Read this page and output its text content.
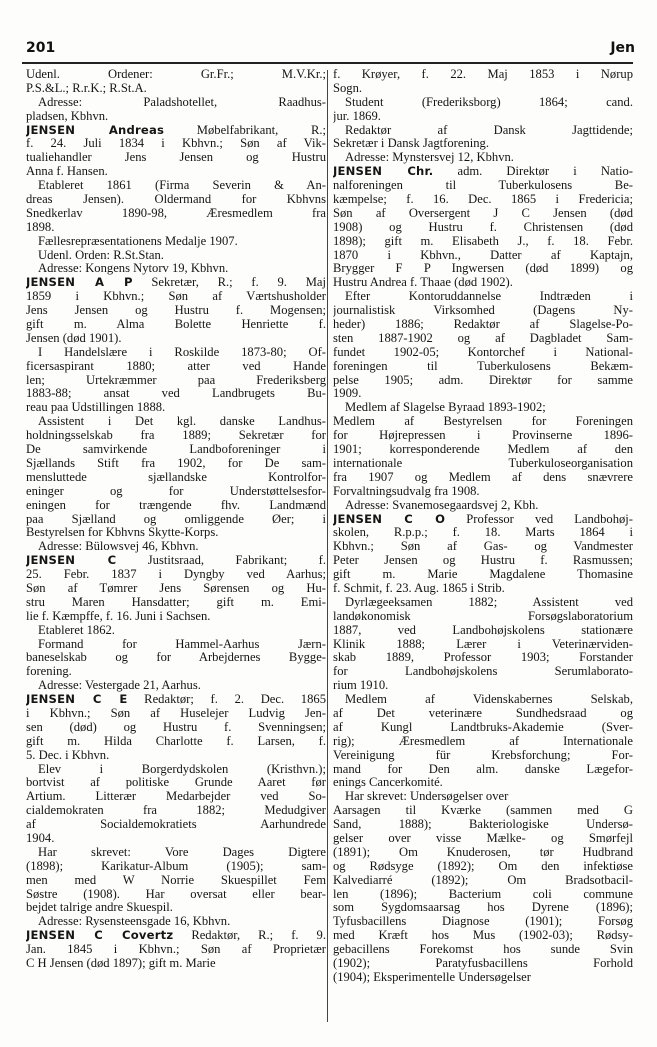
201	Jen
Udenl. Ordener: Gr.Fr.; M.V.Kr.;
P.S.&L.; R.r.K.; R.St.A.
Adresse: Paladshotellet, Raadhus-
pladsen, Kbhvn.
JENSEN Andreas Møbelfabrikant, R.;
f. 24. Juli 1834 i Kbhvn.; Søn af Vik-
tualiehandler Jens Jensen og Hustru
Anna f. Hansen.
Etableret 1861 (Firma Severin & An-
dreas Jensen). Oldermand for Kbhvns
Snedkerlav 1890-98, Æresmedlem fra
1898.
Fællesrepræsentationens Medalje 1907.
Udenl. Orden: R.St.Stan.
Adresse: Kongens Nytorv 19, Kbhvn.
JENSEN A P Sekretær, R.; f. 9. Maj
1859 i Kbhvn.; Søn af Værtshusholder
Jens Jensen og Hustru f. Mogensen;
gift m. Alma Bolette Henriette f.
Jensen (død 1901).
I Handelslære i Roskilde 1873-80; Of-
ficersaspirant 1880; atter ved Hande
len; Urtekræmmer paa Frederiksberg
1883-88; ansat ved Landbrugets Bu-
reau paa Udstillingen 1888.
Assistent i Det kgl. danske Landhus-
holdningsselskab fra 1889; Sekretær for
De samvirkende Landboforeninger i
Sjællands Stift fra 1902, for De sam-
mensluttede sjællandske Kontrolfor-
eninger og for Understøttelsesfor-
eningen for trængende fhv. Landmænd
paa Sjælland og omliggende Øer; i
Bestyrelsen for Kbhvns Skytte-Korps.
Adresse: Bülowsvej 46, Kbhvn.
JENSEN C Justitsraad, Fabrikant; f.
25. Febr. 1837 i Dyngby ved Aarhus;
Søn af Tømrer Jens Sørensen og Hu-
stru Maren Hansdatter; gift m. Emi-
lie f. Kæmpffe, f. 16. Juni i Sachsen.
Etableret 1862.
Formand for Hammel-Aarhus Jærn-
baneselskab og for Arbejdernes Bygge-
forening.
Adresse: Vestergade 21, Aarhus.
JENSEN C E Redaktør; f. 2. Dec. 1865
i Kbhvn.; Søn af Huselejer Ludvig Jen-
sen (død) og Hustru f. Svenningsen;
gift m. Hilda Charlotte f. Larsen, f.
5. Dec. i Kbhvn.
Elev i Borgerdydskolen (Kristhvn.);
bortvist af politiske Grunde Aaret før
Artium. Litterær Medarbejder ved So-
cialdemokraten fra 1882; Medudgiver
af Socialdemokratiets Aarhundrede
1904.
Har skrevet: Vore Dages Digtere
(1898); Karikatur-Album (1905); sam-
men med W Norrie Skuespillet Fem
Søstre (1908). Har oversat eller bear-
bejdet talrige andre Skuespil.
Adresse: Rysensteensgade 16, Kbhvn.
JENSEN C Covertz Redaktør, R.; f. 9.
Jan. 1845 i Kbhvn.; Søn af Proprietær
C H Jensen (død 1897); gift m. Marie
f. Krøyer, f. 22. Maj 1853 i Nørup
Sogn.
Student (Frederiksborg) 1864; cand.
jur. 1869.
Redaktør af Dansk Jagttidende;
Sekretær i Dansk Jagtforening.
Adresse: Mynstersvej 12, Kbhvn.
JENSEN Chr. adm. Direktør i Natio-
nalforeningen til Tuberkulosens Be-
kæmpelse; f. 16. Dec. 1865 i Fredericia;
Søn af Oversergent J C Jensen (død
1908) og Hustru f. Christensen (død
1898); gift m. Elisabeth J., f. 18. Febr.
1870 i Kbhvn., Datter af Kaptajn,
Brygger F P Ingwersen (død 1899) og
Hustru Andrea f. Thaae (død 1902).
Efter Kontoruddannelse Indtræden i
journalistisk Virksomhed (Dagens Ny-
heder) 1886; Redaktør af Slagelse-Po-
sten 1887-1902 og af Dagbladet Sam-
fundet 1902-05; Kontorchef i National-
foreningen til Tuberkulosens Bekæm-
pelse 1905; adm. Direktør for samme
1909.
Medlem af Slagelse Byraad 1893-1902;
Medlem af Bestyrelsen for Foreningen
for Højrepressen i Provinserne 1896-
1901; korresponderende Medlem af den
internationale Tuberkuloseorganisation
fra 1907 og Medlem af dens snævrere
Forvaltningsudvalg fra 1908.
Adresse: Svanemosegaardsvej 2, Kbh.
JENSEN C O Professor ved Landbohøj-
skolen, R.p.p.; f. 18. Marts 1864 i
Kbhvn.; Søn af Gas- og Vandmester
Peter Jensen og Hustru f. Rasmussen;
gift m. Marie Magdalene Thomasine
f. Schmit, f. 23. Aug. 1865 i Strib.
Dyrlægeeksamen 1882; Assistent ved
landøkonomisk Forsøgslaboratorium
1887, ved Landbohøjskolens stationære
Klinik 1888; Lærer i Veterinærviden-
skab 1889, Professor 1903; Forstander
for Landbohøjskolens Serumlaborato-
rium 1910.
Medlem af Videnskabernes Selskab,
af Det veterinære Sundhedsraad og
af Kungl Landtbruks-Akademie (Sver-
rig); Æresmedlem af Internationale
Vereinigung für Krebsforchung; For-
mand for Den alm. danske Lægefor-
enings Cancerkomité.
Har skrevet: Undersøgelser over
Aarsagen til Kværke (sammen med G
Sand, 1888); Bakteriologiske Undersø-
gelser over visse Mælke- og Smørfejl
(1891); Om Knuderosen, tør Hudbrand
og Rødsyge (1892); Om den infektiøse
Kalvediarré (1892); Om Bradsotbacil-
len (1896); Bacterium coli commune
som Sygdomsaarsag hos Dyrene (1896);
Tyfusbacillens Diagnose (1901); Forsøg
med Kræft hos Mus (1902-03); Rødsy-
gebacillens Forekomst hos sunde Svin
(1902); Paratyfusbacillens Forhold
(1904); Eksperimentelle Undersøgelser
